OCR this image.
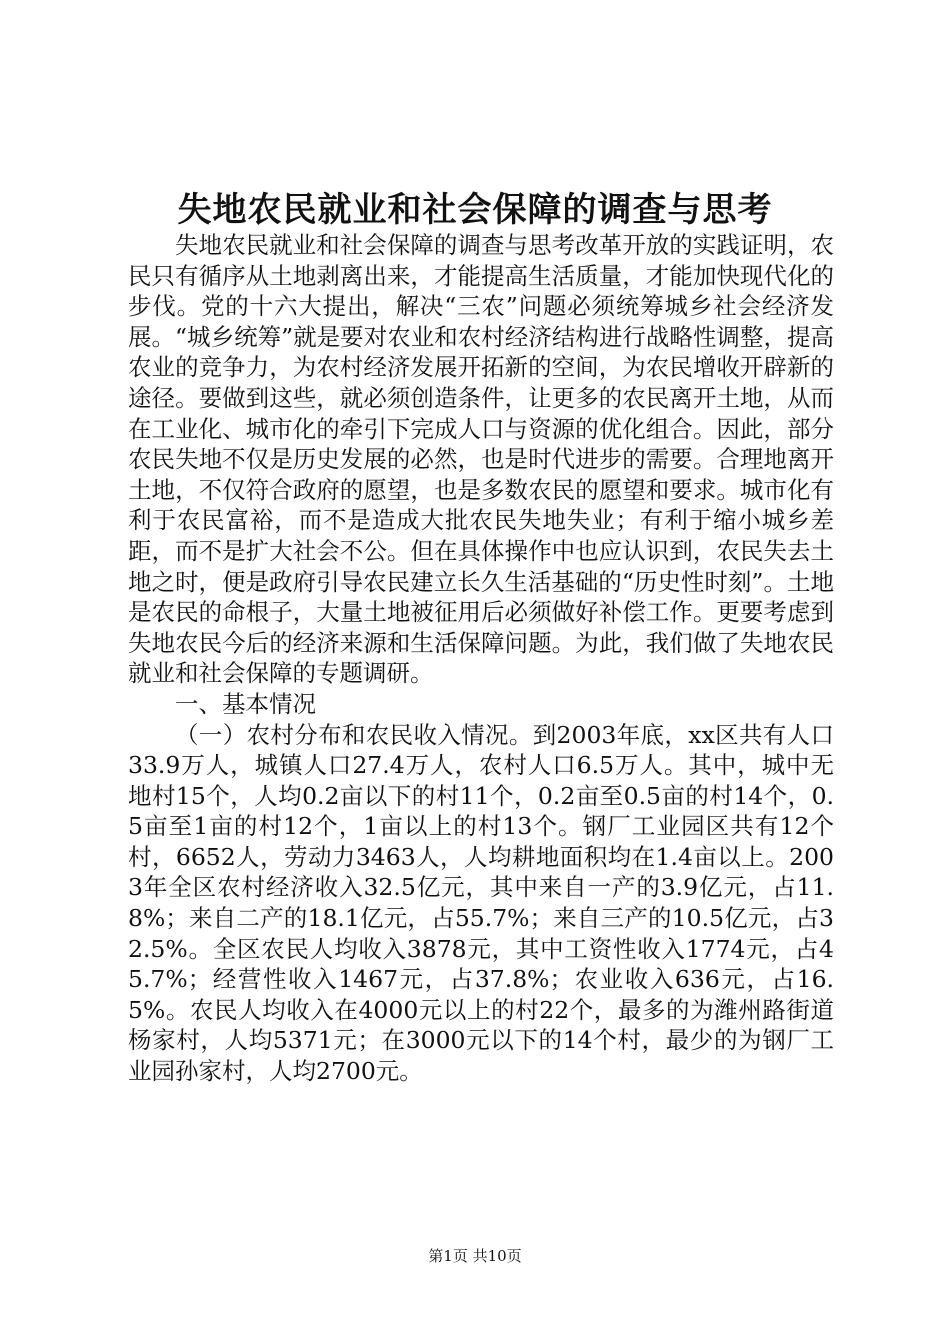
失地农民就业和社会保障的调查与思考

失地农民就业和社会保障的调查与思考改革开放的实践证明，农民只有循序从土地剥离出来，才能提高生活质量，才能加快现代化的步伐。党的十六大提出，解决“三农”问题必须统筹城乡社会经济发展。“城乡统筹”就是要对农业和农村经济结构进行战略性调整，提高农业的竞争力，为农村经济发展开拓新的空间，为农民增收开辟新的途径。要做到这些，就必须创造条件，让更多的农民离开土地，从而在工业化、城市化的牵引下完成人口与资源的优化组合。因此，部分农民失地不仅是历史发展的必然，也是时代进步的需要。合理地离开土地，不仅符合政府的愿望，也是多数农民的愿望和要求。城市化有利于农民富裕，而不是造成大批农民失地失业；有利于缩小城乡差距，而不是扩大社会不公。但在具体操作中也应认识到，农民失去土地之时，便是政府引导农民建立长久生活基础的“历史性时刻”。土地是农民的命根子，大量土地被征用后必须做好补偿工作。更要考虑到失地农民今后的经济来源和生活保障问题。为此，我们做了失地农民就业和社会保障的专题调研。

一、基本情况

（一）农村分布和农民收入情况。到2003年底，xx区共有人口33.9万人，城镇人口27.4万人，农村人口6.5万人。其中，城中无地村15个，人均0.2亩以下的村11个，0.2亩至0.5亩的村14个，0.5亩至1亩的村12个，1亩以上的村13个。钢厂工业园区共有12个村，6652人，劳动力3463人，人均耕地面积均在1.4亩以上。2003年全区农村经济收入32.5亿元，其中来自一产的3.9亿元，占11.8%；来自二产的18.1亿元，占55.7%；来自三产的10.5亿元，占32.5%。全区农民人均收入3878元，其中工资性收入1774元，占45.7%；经营性收入1467元，占37.8%；农业收入636元，占16.5%。农民人均收入在4000元以上的村22个，最多的为潍州路街道杨家村，人均5371元；在3000元以下的14个村，最少的为钢厂工业园孙家村，人均2700元。

第1页 共10页
